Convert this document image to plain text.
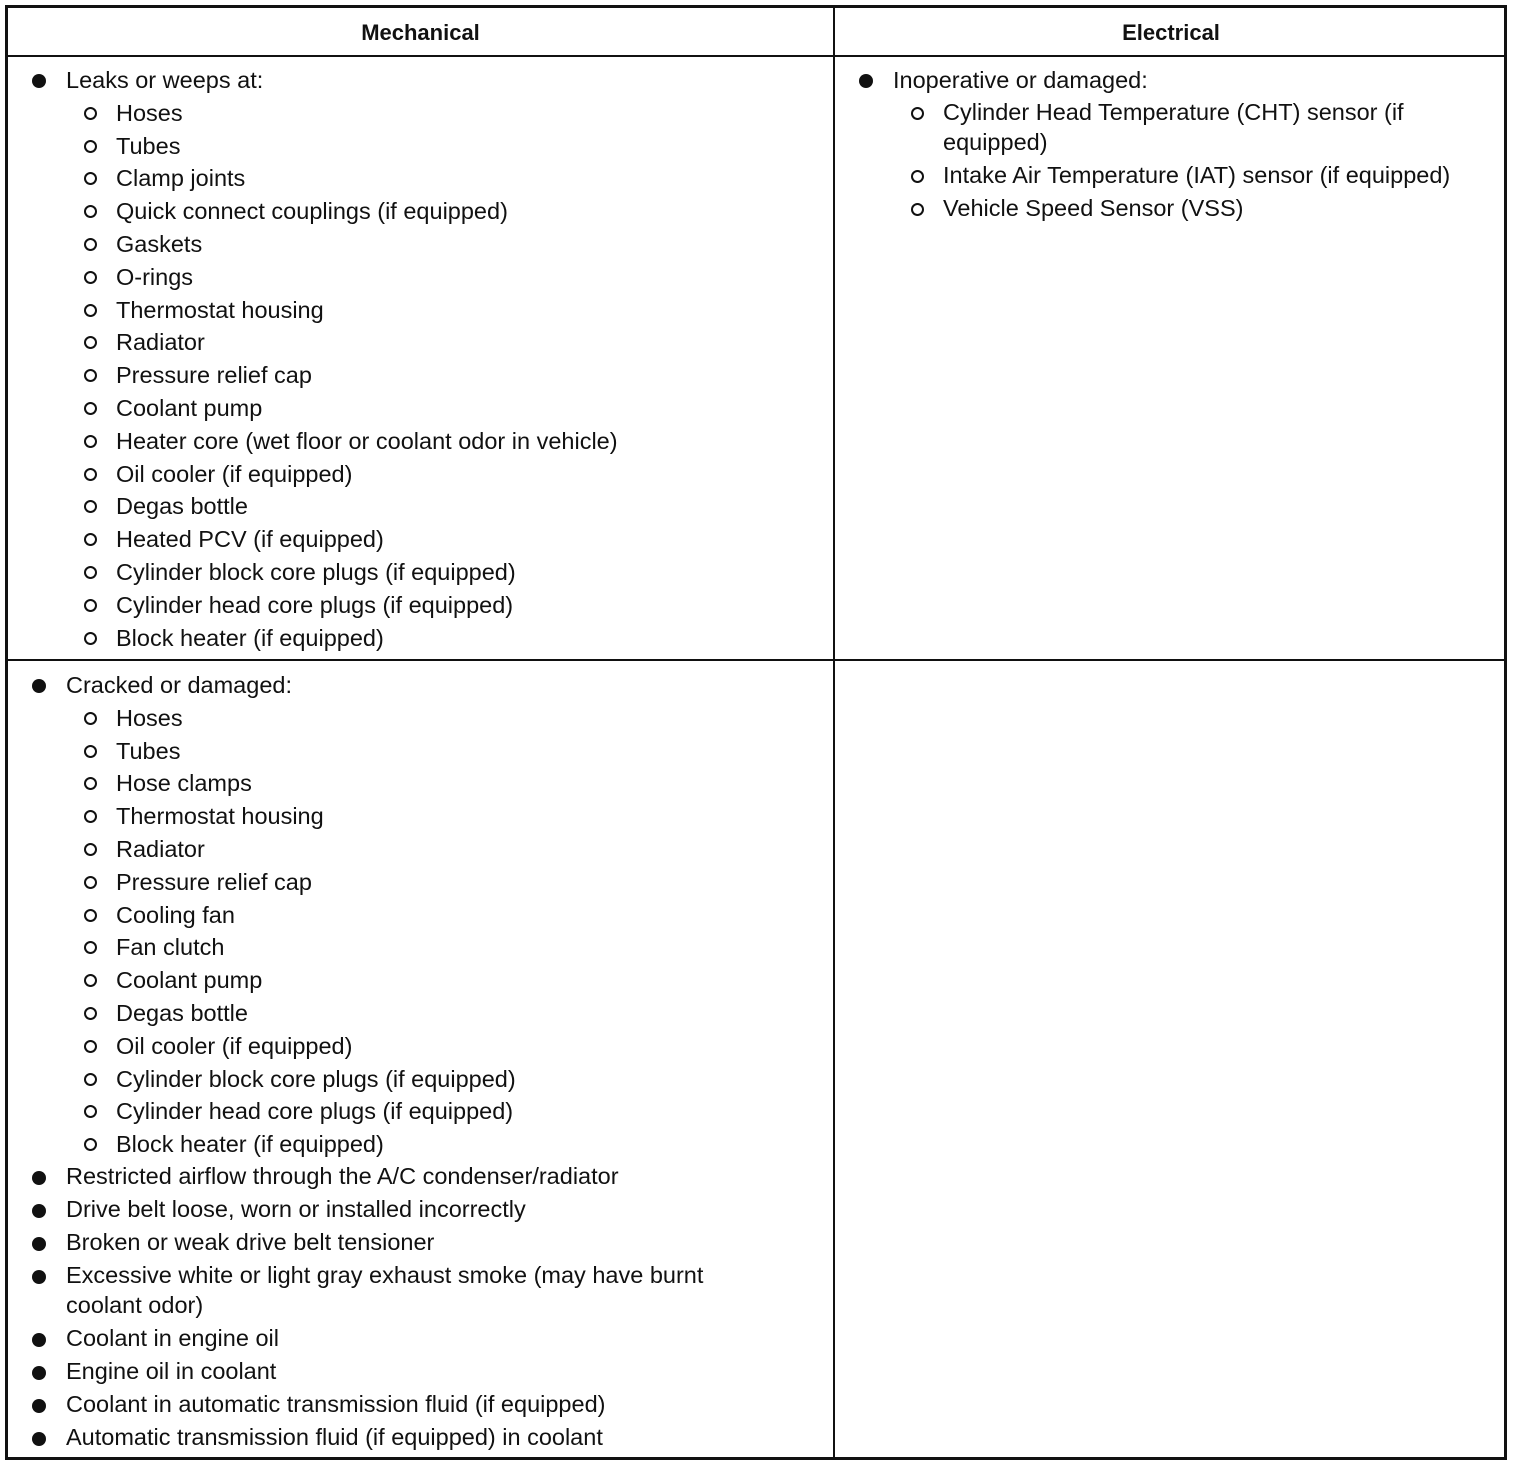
Mechanical	Electrical
Leaks or weeps at:
Hoses
Tubes
Clamp joints
Quick connect couplings (if equipped)
Gaskets
O-rings
Thermostat housing
Radiator
Pressure relief cap
Coolant pump
Heater core (wet floor or coolant odor in vehicle)
Oil cooler (if equipped)
Degas bottle
Heated PCV (if equipped)
Cylinder block core plugs (if equipped)
Cylinder head core plugs (if equipped)
Block heater (if equipped)
Inoperative or damaged:
Cylinder Head Temperature (CHT) sensor (if equipped)
Intake Air Temperature (IAT) sensor (if equipped)
Vehicle Speed Sensor (VSS)
Cracked or damaged:
Hoses
Tubes
Hose clamps
Thermostat housing
Radiator
Pressure relief cap
Cooling fan
Fan clutch
Coolant pump
Degas bottle
Oil cooler (if equipped)
Cylinder block core plugs (if equipped)
Cylinder head core plugs (if equipped)
Block heater (if equipped)
Restricted airflow through the A/C condenser/radiator
Drive belt loose, worn or installed incorrectly
Broken or weak drive belt tensioner
Excessive white or light gray exhaust smoke (may have burnt coolant odor)
Coolant in engine oil
Engine oil in coolant
Coolant in automatic transmission fluid (if equipped)
Automatic transmission fluid (if equipped) in coolant
